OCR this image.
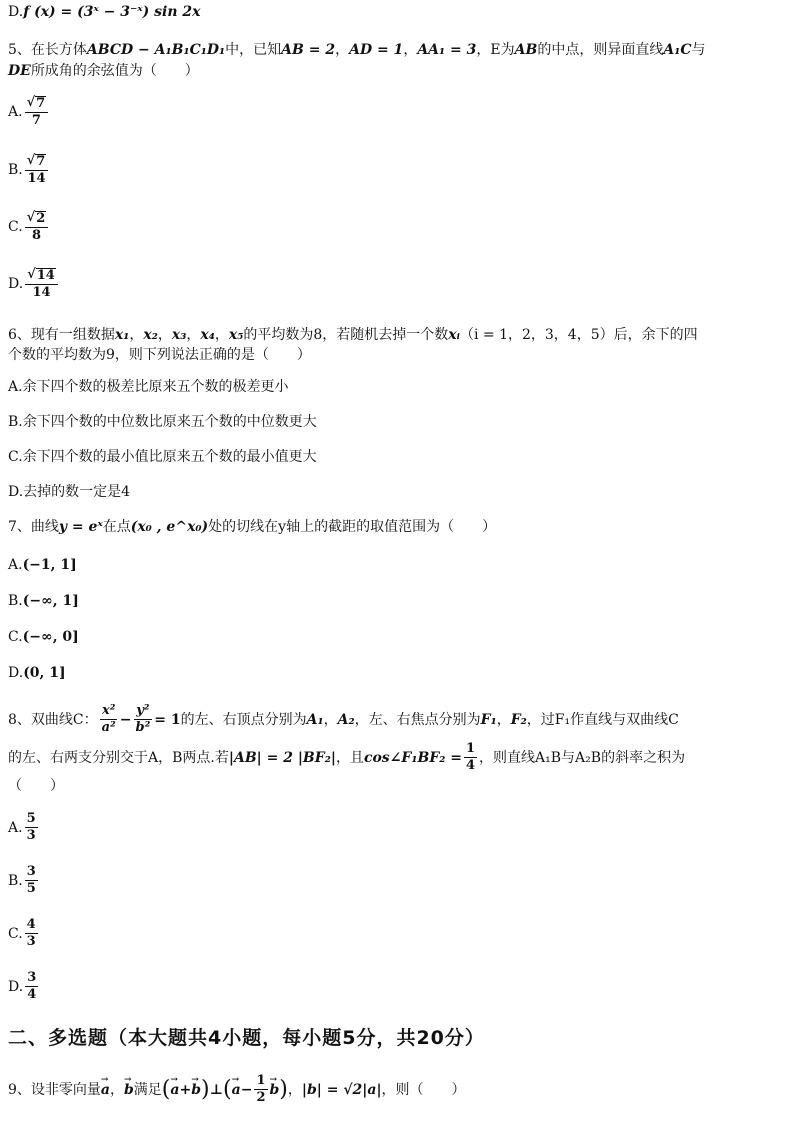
D.f (x) = (3ˣ − 3⁻ˣ) sin 2x
5、在长方体ABCD − A₁B₁C₁D₁中，已知AB = 2，AD = 1，AA₁ = 3，E为AB的中点，则异面直线A₁C与
DE所成角的余弦值为（　　）
A. $\frac{√ 7}{7}$
B. $\frac{√ 7}{14}$
C. $\frac{√ 2}{8}$
D. $\frac{√ 14}{14}$
6、现有一组数据x₁，x₂，x₃，x₄，x₅的平均数为8，若随机去掉一个数xᵢ（i = 1，2，3，4，5）后，余下的四
个数的平均数为9，则下列说法正确的是（　　）
A.余下四个数的极差比原来五个数的极差更小
B.余下四个数的中位数比原来五个数的中位数更大
C.余下四个数的最小值比原来五个数的最小值更大
D.去掉的数一定是4
7、曲线y = eˣ在点(x₀ , e^x₀)处的切线在y轴上的截距的取值范围为（　　）
A.(−1, 1]
B.(−∞, 1]
C.(−∞, 0]
D.(0, 1]
8、双曲线C： $\frac{\text{x²}}{\text{a²}} - \frac{\text{y²}}{\text{b²}} = 1$ 的左、右顶点分别为 A₁ ， A₂ ，左、右焦点分别为 F₁ ， F₂ ，过F₁作直线与双曲线C
的左、右两支分别交于A，B两点.若 |AB| = 2 |BF₂| ，且 cos∠F₁BF₂ = $\frac{1}{4}$ ，则直线A₁B与A₂B的斜率之积为
（　　）
A. $\frac{5}{3}$
B. $\frac{3}{5}$
C. $\frac{4}{3}$
D. $\frac{3}{4}$
二、多选题（本大题共4小题，每小题5分，共20分）
9、设非零向量
→ a ，
→ b 满足 (
→ a +
→ b ) ⊥ (
→ $a - \frac{1}{2}$
→ b ) ， |b| = √2|a| ，则（　　）
